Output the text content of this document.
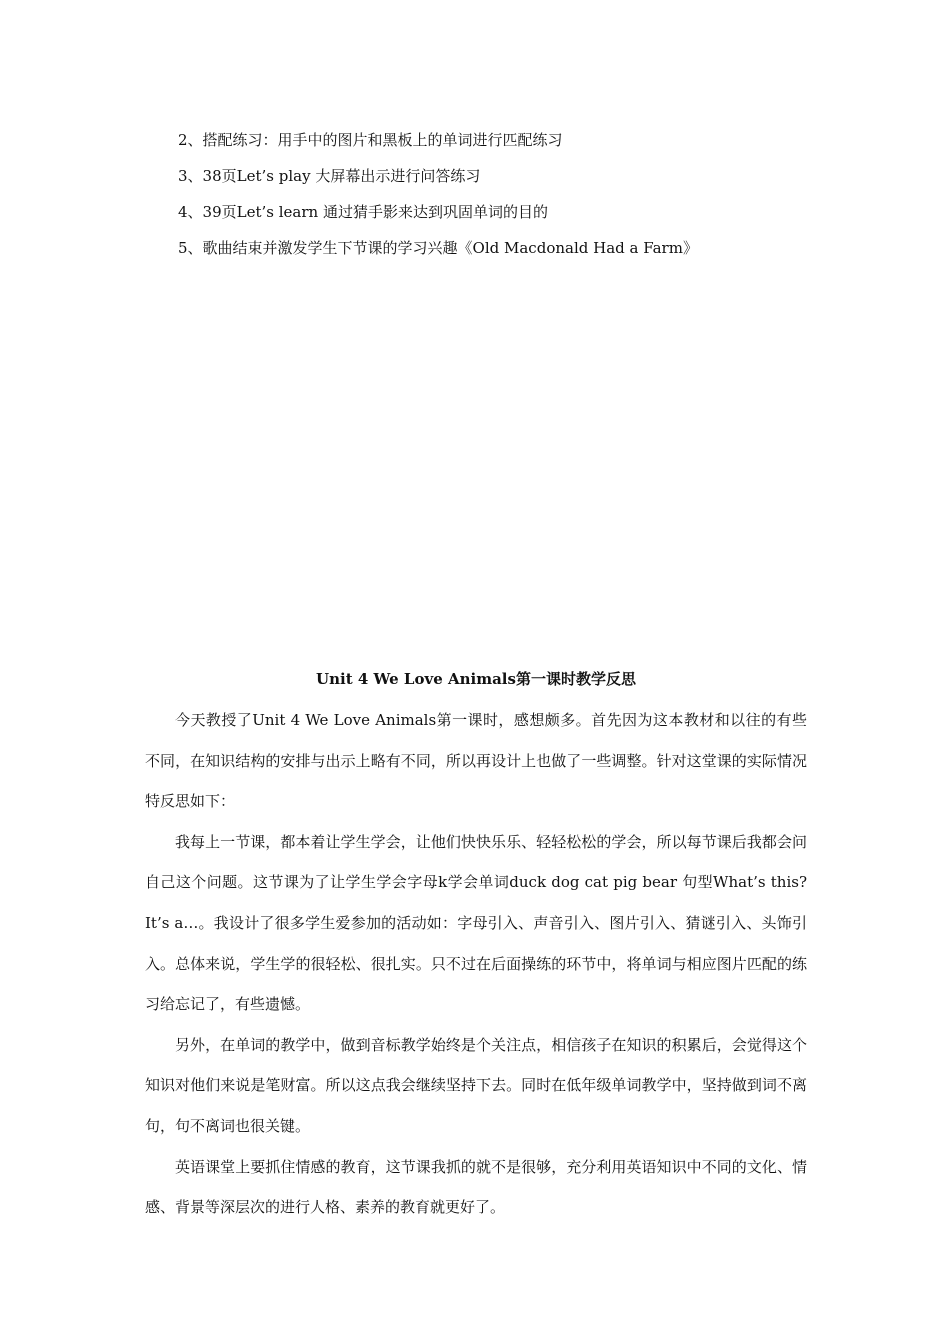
2、搭配练习：用手中的图片和黑板上的单词进行匹配练习
3、38页Let’s play 大屏幕出示进行问答练习
4、39页Let’s learn 通过猜手影来达到巩固单词的目的
5、歌曲结束并激发学生下节课的学习兴趣《Old Macdonald Had a Farm》
Unit 4 We Love Animals第一课时教学反思

今天教授了Unit 4 We Love Animals第一课时，感想颇多。首先因为这本教材和以往的有些不同，在知识结构的安排与出示上略有不同，所以再设计上也做了一些调整。针对这堂课的实际情况特反思如下：

我每上一节课，都本着让学生学会，让他们快快乐乐、轻轻松松的学会，所以每节课后我都会问自己这个问题。这节课为了让学生学会字母k学会单词duck dog cat pig bear 句型What’s this? It’s a…。我设计了很多学生爱参加的活动如：字母引入、声音引入、图片引入、猜谜引入、头饰引入。总体来说，学生学的很轻松、很扎实。只不过在后面操练的环节中，将单词与相应图片匹配的练习给忘记了，有些遗憾。

另外，在单词的教学中，做到音标教学始终是个关注点，相信孩子在知识的积累后，会觉得这个知识对他们来说是笔财富。所以这点我会继续坚持下去。同时在低年级单词教学中，坚持做到词不离句，句不离词也很关键。

英语课堂上要抓住情感的教育，这节课我抓的就不是很够，充分利用英语知识中不同的文化、情感、背景等深层次的进行人格、素养的教育就更好了。
